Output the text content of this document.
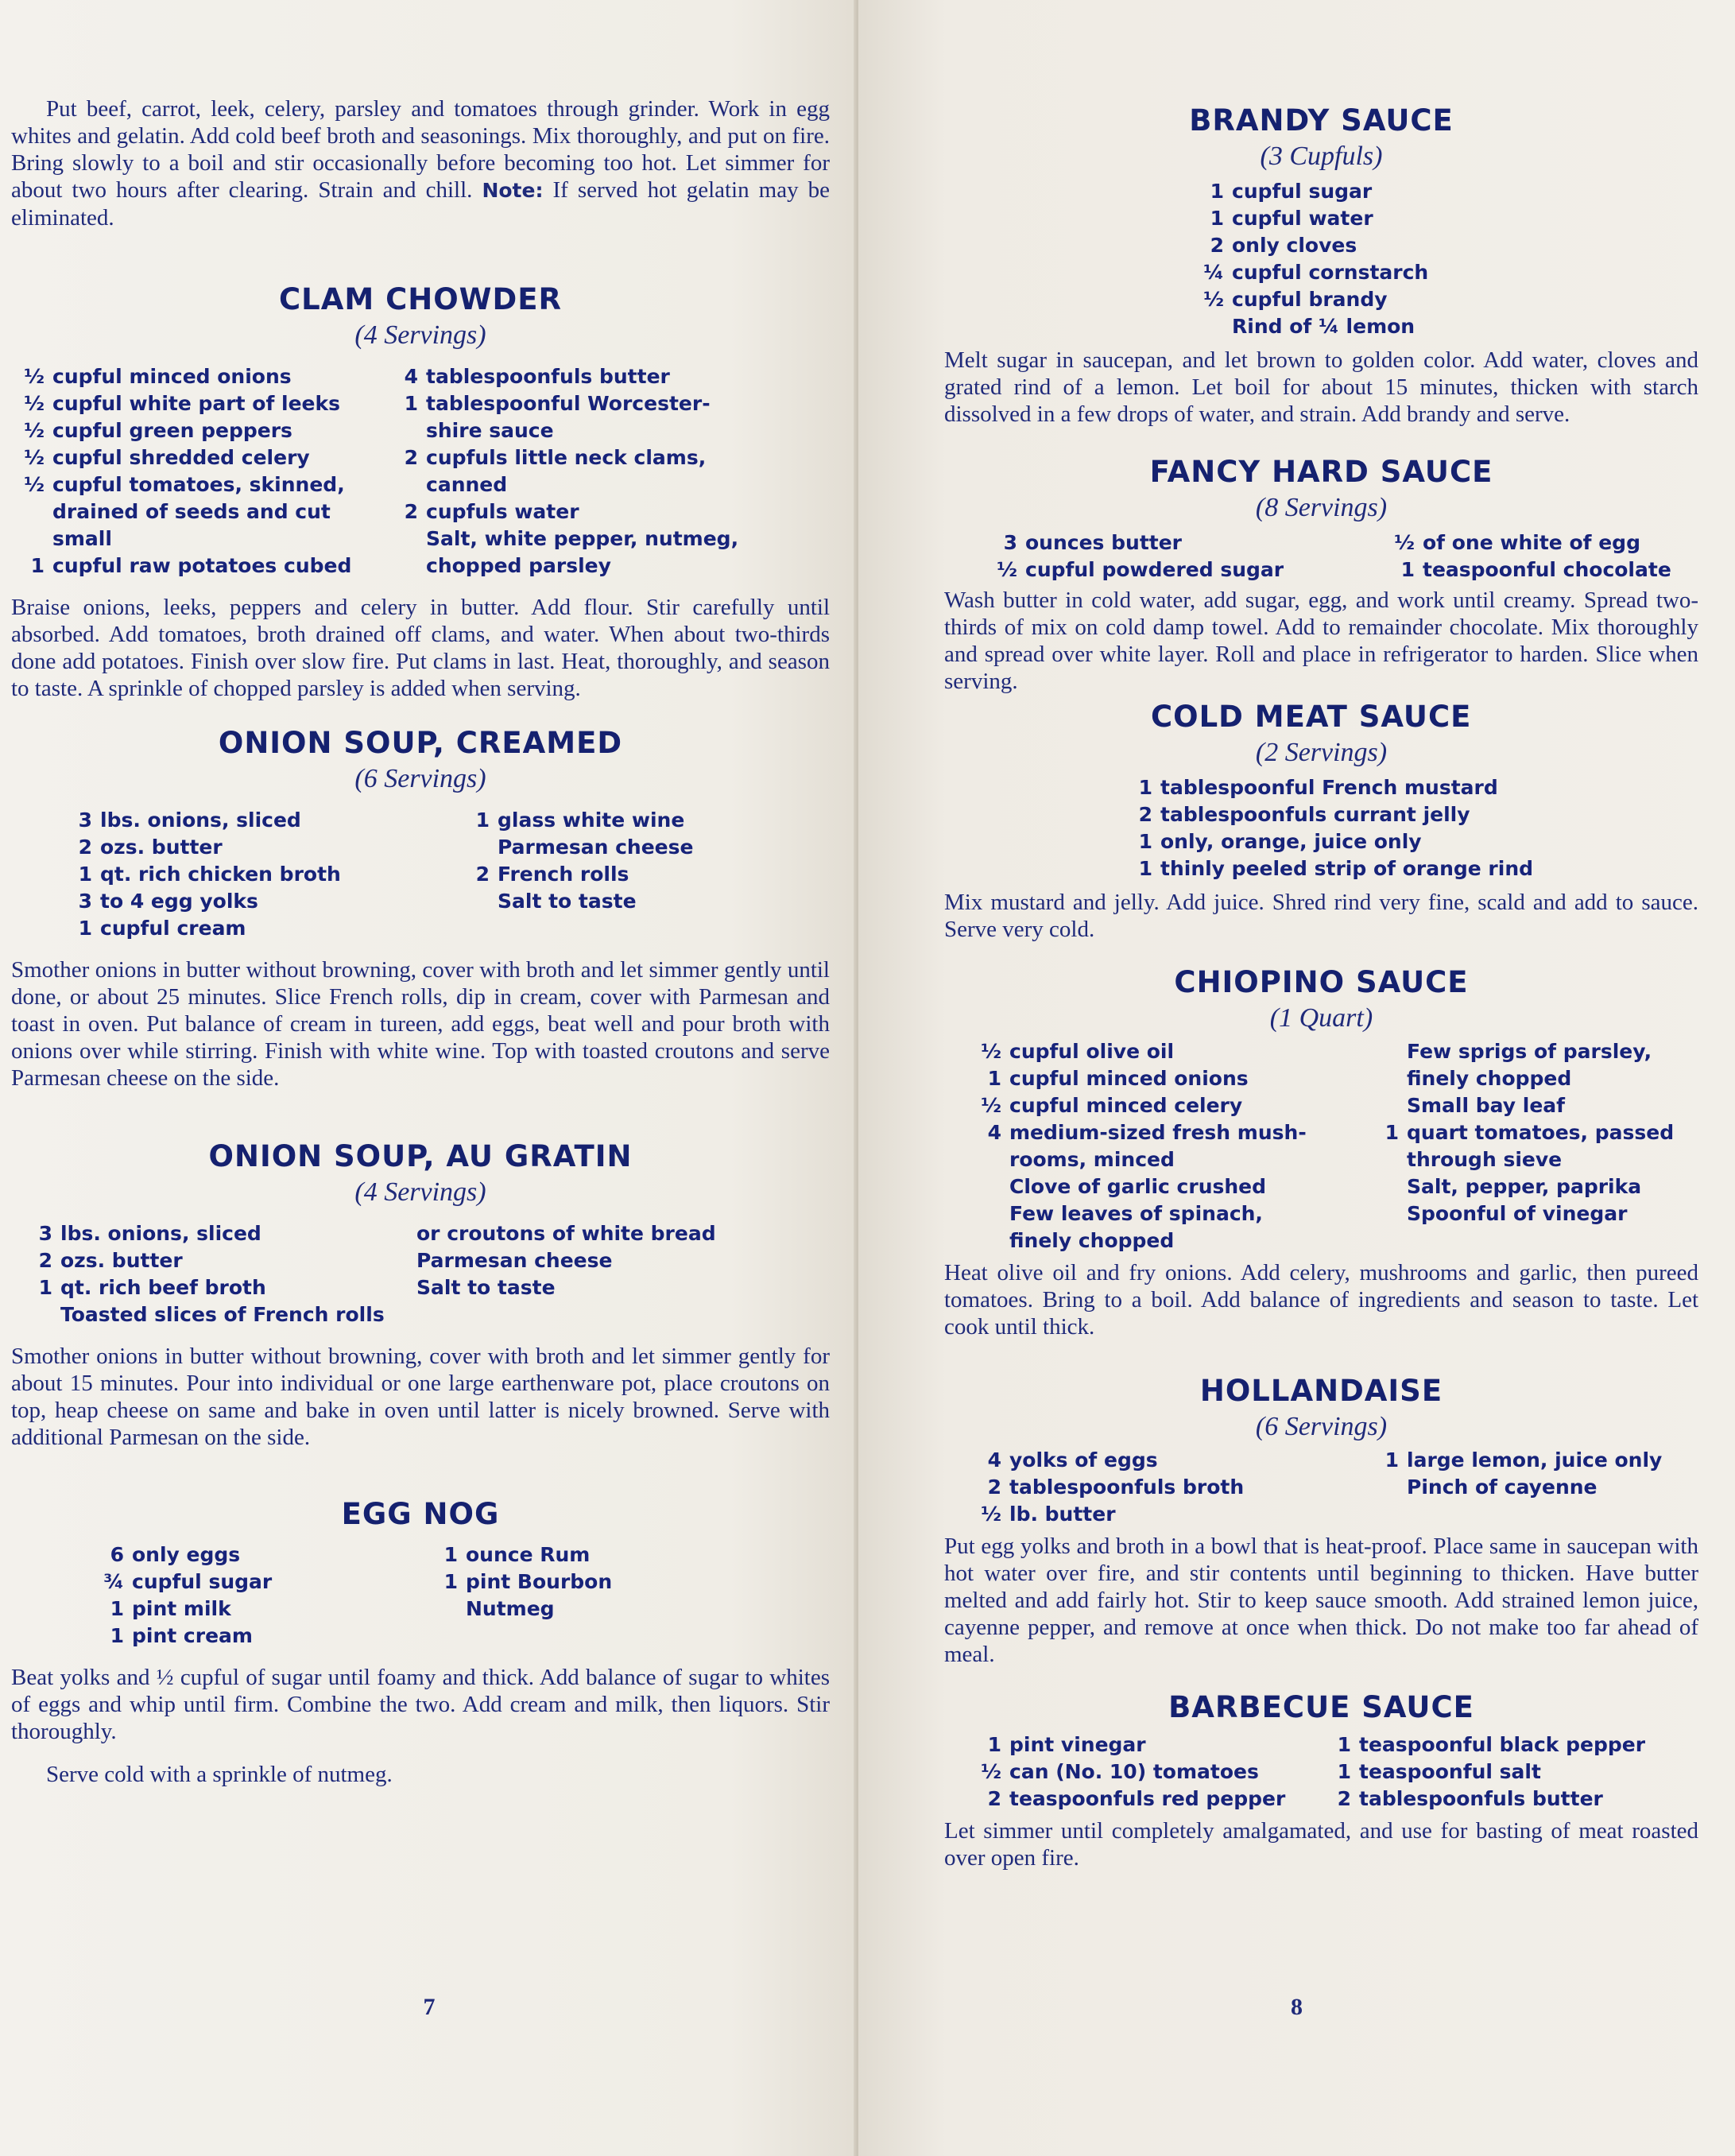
Put beef, carrot, leek, celery, parsley and tomatoes through grinder. Work in egg whites and gelatin. Add cold beef broth and seasonings. Mix thoroughly, and put on fire. Bring slowly to a boil and stir occasionally before becoming too hot. Let simmer for about two hours after clearing. Strain and chill. Note: If served hot gelatin may be eliminated.

CLAM CHOWDER
(4 Servings)
½ cupful minced onions
½ cupful white part of leeks
½ cupful green peppers
½ cupful shredded celery
½ cupful tomatoes, skinned,
drained of seeds and cut
small
1 cupful raw potatoes cubed
4 tablespoonfuls butter
1 tablespoonful Worcester-
shire sauce
2 cupfuls little neck clams,
canned
2 cupfuls water
Salt, white pepper, nutmeg,
chopped parsley

Braise onions, leeks, peppers and celery in butter. Add flour. Stir carefully until absorbed. Add tomatoes, broth drained off clams, and water. When about two-thirds done add potatoes. Finish over slow fire. Put clams in last. Heat, thoroughly, and season to taste. A sprinkle of chopped parsley is added when serving.

ONION SOUP, CREAMED
(6 Servings)
3 lbs. onions, sliced
2 ozs. butter
1 qt. rich chicken broth
3 to 4 egg yolks
1 cupful cream
1 glass white wine
Parmesan cheese
2 French rolls
Salt to taste

Smother onions in butter without browning, cover with broth and let simmer gently until done, or about 25 minutes. Slice French rolls, dip in cream, cover with Parmesan and toast in oven. Put balance of cream in tureen, add eggs, beat well and pour broth with onions over while stirring. Finish with white wine. Top with toasted croutons and serve Parmesan cheese on the side.

ONION SOUP, AU GRATIN
(4 Servings)
3 lbs. onions, sliced
2 ozs. butter
1 qt. rich beef broth
Toasted slices of French rolls
or croutons of white bread
Parmesan cheese
Salt to taste

Smother onions in butter without browning, cover with broth and let simmer gently for about 15 minutes. Pour into individual or one large earthenware pot, place croutons on top, heap cheese on same and bake in oven until latter is nicely browned. Serve with additional Parmesan on the side.

EGG NOG
6 only eggs
¾ cupful sugar
1 pint milk
1 pint cream
1 ounce Rum
1 pint Bourbon
Nutmeg

Beat yolks and ½ cupful of sugar until foamy and thick. Add balance of sugar to whites of eggs and whip until firm. Combine the two. Add cream and milk, then liquors. Stir thoroughly.

Serve cold with a sprinkle of nutmeg.

7
BRANDY SAUCE
(3 Cupfuls)
1 cupful sugar
1 cupful water
2 only cloves
¼ cupful cornstarch
½ cupful brandy
Rind of ¼ lemon

Melt sugar in saucepan, and let brown to golden color. Add water, cloves and grated rind of a lemon. Let boil for about 15 minutes, thicken with starch dissolved in a few drops of water, and strain. Add brandy and serve.

FANCY HARD SAUCE
(8 Servings)
3 ounces butter
½ cupful powdered sugar
½ of one white of egg
1 teaspoonful chocolate

Wash butter in cold water, add sugar, egg, and work until creamy. Spread two-thirds of mix on cold damp towel. Add to remainder chocolate. Mix thoroughly and spread over white layer. Roll and place in refrigerator to harden. Slice when serving.

COLD MEAT SAUCE
(2 Servings)
1 tablespoonful French mustard
2 tablespoonfuls currant jelly
1 only, orange, juice only
1 thinly peeled strip of orange rind

Mix mustard and jelly. Add juice. Shred rind very fine, scald and add to sauce. Serve very cold.

CHIOPINO SAUCE
(1 Quart)
½ cupful olive oil
1 cupful minced onions
½ cupful minced celery
4 medium-sized fresh mush-
rooms, minced
Clove of garlic crushed
Few leaves of spinach,
finely chopped
Few sprigs of parsley,
finely chopped
Small bay leaf
1 quart tomatoes, passed
through sieve
Salt, pepper, paprika
Spoonful of vinegar

Heat olive oil and fry onions. Add celery, mushrooms and garlic, then pureed tomatoes. Bring to a boil. Add balance of ingredients and season to taste. Let cook until thick.

HOLLANDAISE
(6 Servings)
4 yolks of eggs
2 tablespoonfuls broth
½ lb. butter
1 large lemon, juice only
Pinch of cayenne

Put egg yolks and broth in a bowl that is heat-proof. Place same in saucepan with hot water over fire, and stir contents until beginning to thicken. Have butter melted and add fairly hot. Stir to keep sauce smooth. Add strained lemon juice, cayenne pepper, and remove at once when thick. Do not make too far ahead of meal.

BARBECUE SAUCE
1 pint vinegar
½ can (No. 10) tomatoes
2 teaspoonfuls red pepper
1 teaspoonful black pepper
1 teaspoonful salt
2 tablespoonfuls butter

Let simmer until completely amalgamated, and use for basting of meat roasted over open fire.

8
